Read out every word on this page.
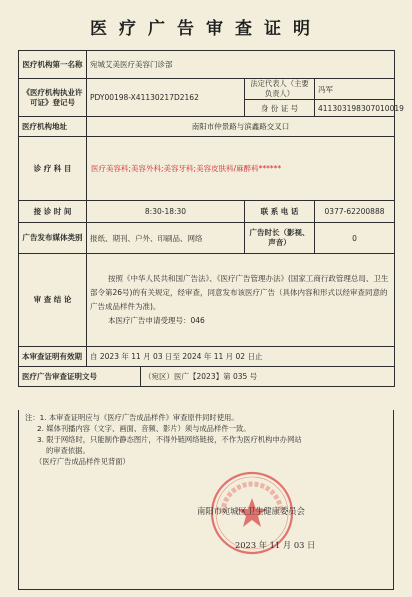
医疗广告审查证明
医疗机构第一名称	宛城艾美医疗美容门诊部			
《医疗机构执业许可证》登记号	PDY00198-X41130217D2162		法定代表人（主要负责人）	冯军
			身 份 证 号	411303198307010019
医疗机构地址	南阳市仲景路与滨鑫路交叉口			
诊 疗 科 目	医疗美容科;美容外科;美容牙科;美容皮肤科/麻醉科******			
接 诊 时 间	8:30-18:30		联 系 电 话	0377-62200888
广告发布媒体类别	报纸、期刊、户外、印刷品、网络		广告时长（影视、声音）	0
审 查 结 论	按照《中华人民共和国广告法》、《医疗广告管理办法》(国家工商行政管理总局、卫生部令第26号)的有关规定，经审查，同意发布该医疗广告（具体内容和形式以经审查同意的广告成品样件为准)。

本医疗广告申请受理号：046			

本审查证明有效期	自 2023 年 11 月 03 日至 2024 年 11 月 02 日止			
医疗广告审查证明文号		（宛区）医广【2023】第 035 号		
注：1. 本审查证明应与《医疗广告成品样件》审查原件同时使用。
2. 媒体刊播内容（文字、画面、音频、影片）须与成品样件一致。
3. 限于网络时，只能制作静态图片，不得外链网络链接，不作为医疗机构申办网站
的审查依据。
（医疗广告成品样件见背面）
南阳市宛城区卫生健康委员会
2023 年 11 月 03 日
